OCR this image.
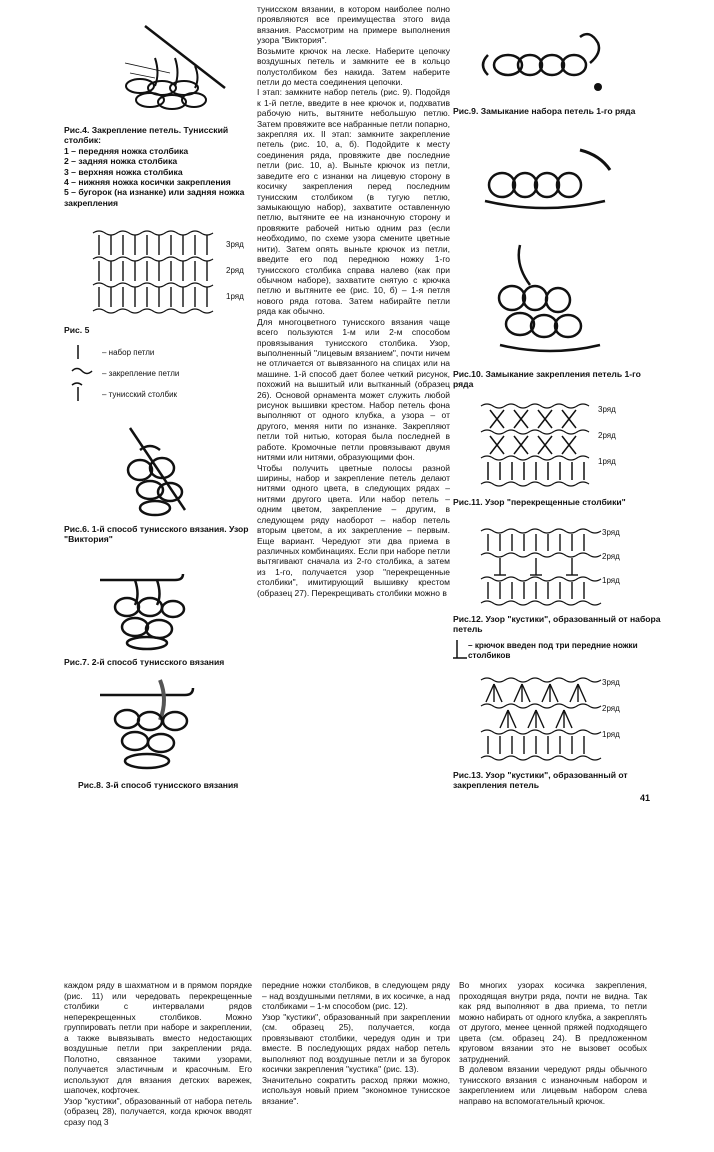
Рис.4. Закрепление петель. Тунисский столбик:

1 – передняя ножка столбика

2 – задняя ножка столбика

3 – верхняя ножка столбика

4 – нижняя ножка косички закрепления

5 – бугорок (на изнанке) или задняя ножка закрепления

3ряд
2ряд
1ряд
Рис. 5
– набор петли
– закрепление петли
– тунисский столбик
Рис.6. 1-й способ тунисского вязания. Узор "Виктория"
Рис.7. 2-й способ тунисского вязания
Рис.8. 3-й способ тунисского вязания

тунисском вязании, в котором наиболее полно проявляются все преимущества этого вида вязания. Рассмотрим на примере выполнения узора "Виктория".

Возьмите крючок на леске. Наберите цепочку воздушных петель и замкните ее в кольцо полустолбиком без накида. Затем наберите петли до места соединения цепочки.

I этап: замкните набор петель (рис. 9). Подойдя к 1-й петле, введите в нее крючок и, подхватив рабочую нить, вытяните небольшую петлю. Затем провяжите все набранные петли попарно, закрепляя их. II этап: замкните закрепление петель (рис. 10, а, б). Подойдите к месту соединения ряда, провяжите две последние петли (рис. 10, а). Выньте крючок из петли, заведите его с изнанки на лицевую сторону в косичку закрепления перед последним тунисским столбиком (в тугую петлю, замыкающую набор), захватите оставленную петлю, вытяните ее на изнаночную сторону и провяжите рабочей нитью одним раз (если необходимо, по схеме узора смените цветные нити). Затем опять выньте крючок из петли, введите его под переднюю ножку 1-го тунисского столбика справа налево (как при обычном наборе), захватите снятую с крючка петлю и вытяните ее (рис. 10, б) – 1-я петля нового ряда готова. Затем набирайте петли ряда как обычно.

Для многоцветного тунисского вязания чаще всего пользуются 1-м или 2-м способом провязывания тунисского столбика. Узор, выполненный "лицевым вязанием", почти ничем не отличается от вывязанного на спицах или на машине. 1-й способ дает более четкий рисунок, похожий на вышитый или вытканный (образец 26). Основой орнамента может служить любой рисунок вышивки крестом. Набор петель фона выполняют от одного клубка, а узора – от другого, меняя нити по изнанке. Закрепляют петли той нитью, которая была последней в работе. Кромочные петли провязывают двумя нитями или нитями, образующими фон.

Чтобы получить цветные полосы разной ширины, набор и закрепление петель делают нитями одного цвета, в следующих рядах – нитями другого цвета. Или набор петель – одним цветом, закрепление – другим, в следующем ряду наоборот – набор петель вторым цветом, а их закрепление – первым. Еще вариант. Чередуют эти два приема в различных комбинациях. Если при наборе петли вытягивают сначала из 2-го столбика, а затем из 1-го, получается узор "перекрещенные столбики", имитирующий вышивку крестом (образец 27). Перекрещивать столбики можно в

Рис.9. Замыкание набора петель 1-го ряда
Рис.10. Замыкание закрепления петель 1-го ряда
3ряд
2ряд
1ряд
Рис.11. Узор "перекрещенные столбики"
3ряд
2ряд
1ряд
Рис.12. Узор "кустики", образованный от набора петель
– крючок введен под три передние ножки столбиков
3ряд
2ряд
1ряд
Рис.13. Узор "кустики", образованный от закрепления петель
41
каждом ряду в шахматном и в прямом порядке (рис. 11) или чередовать перекрещенные столбики с интервалами рядов неперекрещенных столбиков. Можно группировать петли при наборе и закреплении, а также вывязывать вместо недостающих воздушные петли при закреплении ряда. Полотно, связанное такими узорами, получается эластичным и красочным. Его используют для вязания детских варежек, шапочек, кофточек.
Узор "кустики", образованный от набора петель (образец 28), получается, когда крючок вводят сразу под 3
передние ножки столбиков, в следующем ряду – над воздушными петлями, в их косичке, а над столбиками – 1-м способом (рис. 12).
Узор "кустики", образованный при закреплении (см. образец 25), получается, когда провязывают столбики, чередуя один и три вместе. В последующих рядах набор петель выполняют под воздушные петли и за бугорок косички закрепления "кустика" (рис. 13).
Значительно сократить расход пряжи можно, используя новый прием "экономное тунисское вязание".
Во многих узорах косичка закрепления, проходящая внутри ряда, почти не видна. Так как ряд выполняют в два приема, то петли можно набирать от одного клубка, а закреплять от другого, менее ценной пряжей подходящего цвета (см. образец 24). В предложенном круговом вязании это не вызовет особых затруднений.
В долевом вязании чередуют ряды обычного тунисского вязания с изнаночным набором и закреплением или лицевым набором слева направо на вспомогательный крючок.
